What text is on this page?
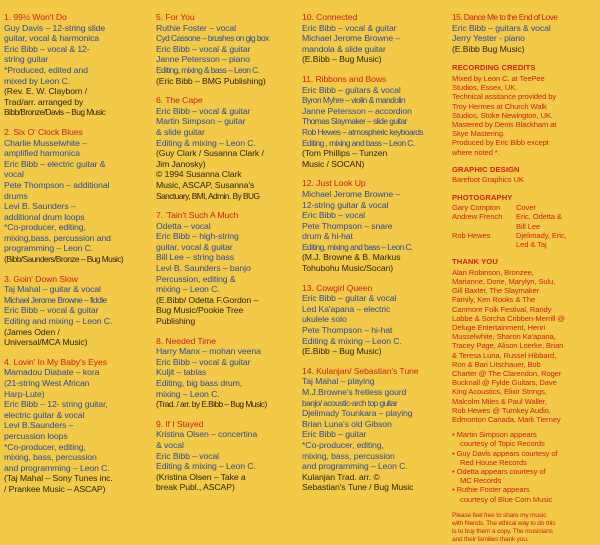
1. 99½ Won't Do
Guy Davis – 12-string slide
guitar, vocal & harmonica
Eric Bibb – vocal & 12-
string guitar
*Produced, edited and
mixed by Leon C.
(Rev. E. W. Clayborn /
Trad/arr. arranged by
Bibb/Bronze/Davis – Bug Music
2. Six O' Clock Blues
Charlie Musselwhite –
amplified harmonica
Eric Bibb – electric guitar &
vocal
Pete Thompson – additional
drums
Levi B. Saunders –
additional drum loops
*Co-producer, editing,
mixing,bass, percussion and
programming – Leon C.
(Bibb/Saunders/Bronze – Bug Music)
3. Goin' Down Slow
Taj Mahal – guitar & vocal
Michael Jerome Browne – fiddle
Eric Bibb – vocal & guitar
Editing and mixing – Leon C.
(James Oden /
Universal/MCA Music)
4. Lovin' In My Baby's Eyes
Mamadou Diabate – kora
(21-string West African
Harp-Lute)
Eric Bibb – 12- string guitar,
electric guitar & vocal
Levi B.Saunders –
percussion loops
*Co-producer, editing,
mixing, bass, percussion
and programming – Leon C.
(Taj Mahal – Sony Tunes inc.
/ Prankee Music – ASCAP)
5. For You
Ruthie Foster – vocal
Cyd Cassone – brushes on gig box
Eric Bibb – vocal & guitar
Janne Petersson – piano
Editing, mixing & bass – Leon C.
(Eric Bibb – BMG Publishing)
6. The Cape
Eric Bibb – vocal & guitar
Martin Simpson – guitar
& slide guitar
Editing & mixing – Leon C.
(Guy Clark / Susanna Clark /
Jim Janosky)
© 1994 Susanna Clark
Music, ASCAP, Susanna's
Sanctuary, BMI, Admin. By BUG
7. 'Tain't Such A Much
Odetta – vocal
Eric Bibb – high-string
guitar, vocal & guitar
Bill Lee – string bass
Levi B. Saunders – banjo
Percussion, editing &
mixing – Leon C.
(E.Bibb/ Odetta F.Gordon –
Bug Music/Pookie Tree
Publishing
8. Needed Time
Harry Manx – mohan veena
Eric Bibb – vocal & guitar
Kuljit – tablas
Editing, big bass drum,
mixing – Leon C.
(Trad. / arr. by E.Bibb – Bug Music)
9. If I Stayed
Kristina Olsen – concertina
& vocal
Eric Bibb – vocal
Editing & mixing – Leon C.
(Kristina Olsen – Take a
break Publ., ASCAP)
10. Connected
Eric Bibb – vocal & guitar
Michael Jerome Browne –
mandola & slide guitar
(E.Bibb – Bug Music)
11. Ribbons and Bows
Eric Bibb – guitars & vocal
Byron Myhre – violin & mandolin
Janne Petersson – accordion
Thomas Slaymaker – slide guitar
Rob Hewes – atmospheric keyboards
Editing , mixing and bass – Leon C.
(Tom Phillips – Tunzen
Music / SOCAN)
12. Just Look Up
Michael Jerome Browne –
12-string guitar & vocal
Eric Bibb – vocal
Pete Thompson – snare
drum & hi-hat
Editing, mixing and bass – Leon C.
(M.J. Browne & B. Markus
Tohubohu Music/Socan)
13. Cowgirl Queen
Eric Bibb – guitar & vocal
Led Ka'apana – electric
ukulele solo
Pete Thompson – hi-hat
Editing & mixing – Leon C.
(E.Bibb – Bug Music)
14. Kulanjan/ Sebastian's Tune
Taj Mahal – playing
M.J.Browne's fretless gourd
banjo/ acoustic-arch top guitar
Djelimady Tounkara – playing
Brian Luna's old Gibson
Eric Bibb – guitar
*Co-producer, editing,
mixing, bass, percussion
and programming – Leon C.
Kulanjan Trad. arr. ©
Sebastian's Tune / Bug Music
15. Dance Me to the End of Love
Eric Bibb – guitars & vocal
Jerry Yester - piano
(E.Bibb Bug Music)
RECORDING CREDITS
Mixed by Leon C. at TeePee
Studios, Essex, UK.
Technical assitance provided by
Troy Hermes at Church Walk
Studios, Stoke Newington, UK.
Mastered by Denis Blackham at
Skye Mastering.
Produced by Eric Bibb except
where noted *.
GRAPHIC DESIGN
Barefoot Graphics UK
PHOTOGRAPHY
Gary Compton	Cover
Andrew French	Eric, Odetta &

Bill Lee
Rob Hewes	Djelimady, Eric,

Led & Taj
THANK YOU
Alan Robinson, Bronzee,
Marianne, Dorie, Marylyn, Sulu,
Gill Baxter, The Slaymaker
Family, Ken Rooks & The
Canmore Folk Festival, Randy
Labbe & Sorcha Cribben-Merrill @
Deluge Entertainment, Henri
Musselwhite, Sharon Ka'apana,
Tracey Page, Alison Loerke, Brian
& Teresa Luna, Russel Hibbard,
Ron & Bari Litschauer, Bob
Charter @ The Clarendon, Roger
Bucknall @ Fylde Guitars, Dave
King Acoustics, Elixir Strings,
Malcolm Miles & Paul Waller,
Rob Hewes @ Turnkey Audio,
Edmonton Canada, Mark Tierney
• Martin Simpson appears
courtesy of Topic Records
• Guy Davis appears courtesy of
Red House Records
• Odetta appears courtesy of
MC Records
• Ruthie Foster appears
courtesy of Blue Corn Music
Please feel free to share my music
with friends. The ethical way to do this
is to buy them a copy. The musicians
and their families thank you.
